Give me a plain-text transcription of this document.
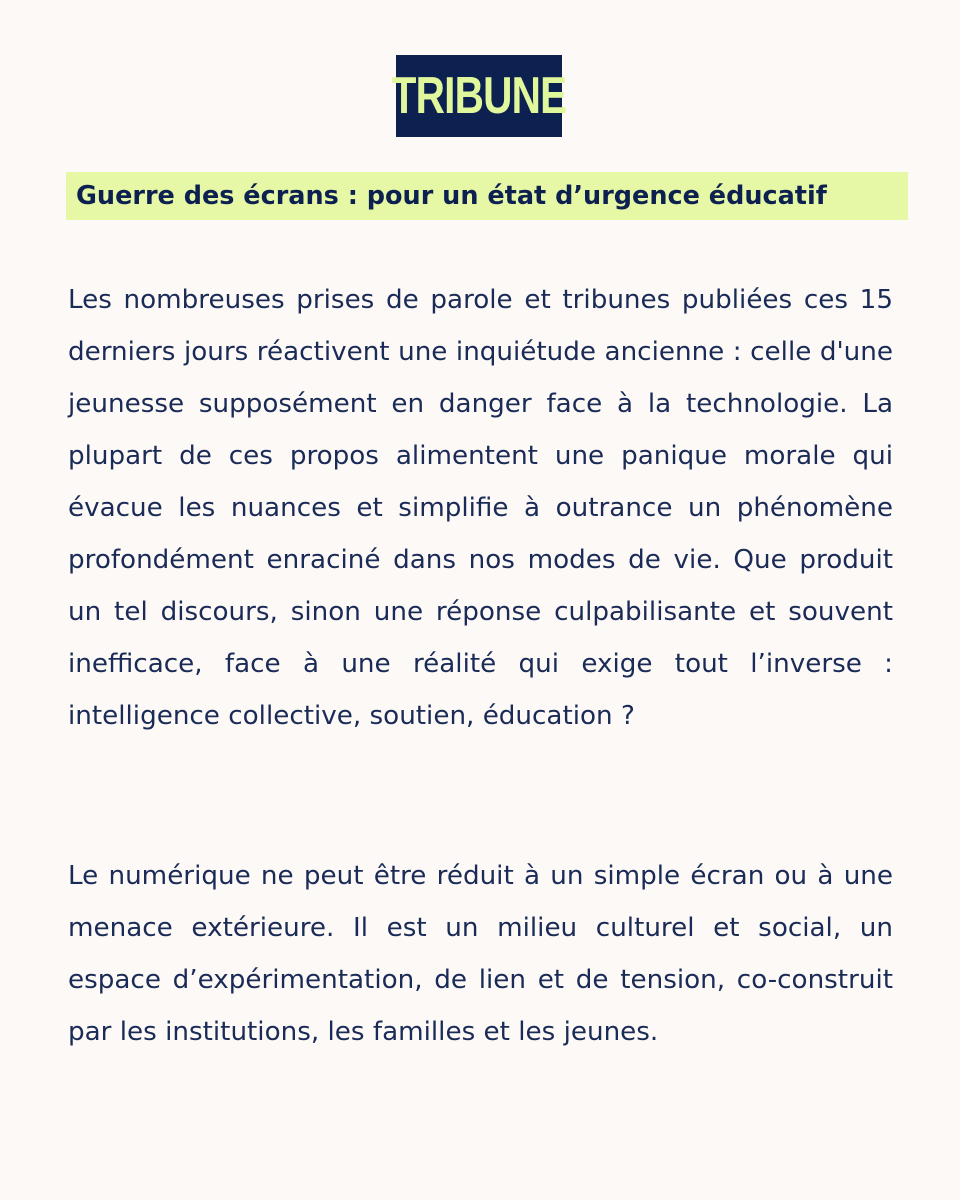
TRIBUNE
Guerre des écrans : pour un état d’urgence éducatif

Les nombreuses prises de parole et tribunes publiées ces 15 derniers jours réactivent une inquiétude ancienne : celle d'une jeunesse supposément en danger face à la technologie. La plupart de ces propos alimentent une panique morale qui évacue les nuances et simplifie à outrance un phénomène profondément enraciné dans nos modes de vie. Que produit un tel discours, sinon une réponse culpabilisante et souvent inefficace, face à une réalité qui exige tout l’inverse : intelligence collective, soutien, éducation ?

Le numérique ne peut être réduit à un simple écran ou à une menace extérieure. Il est un milieu culturel et social, un espace d’expérimentation, de lien et de tension, co-construit par les institutions, les familles et les jeunes.
